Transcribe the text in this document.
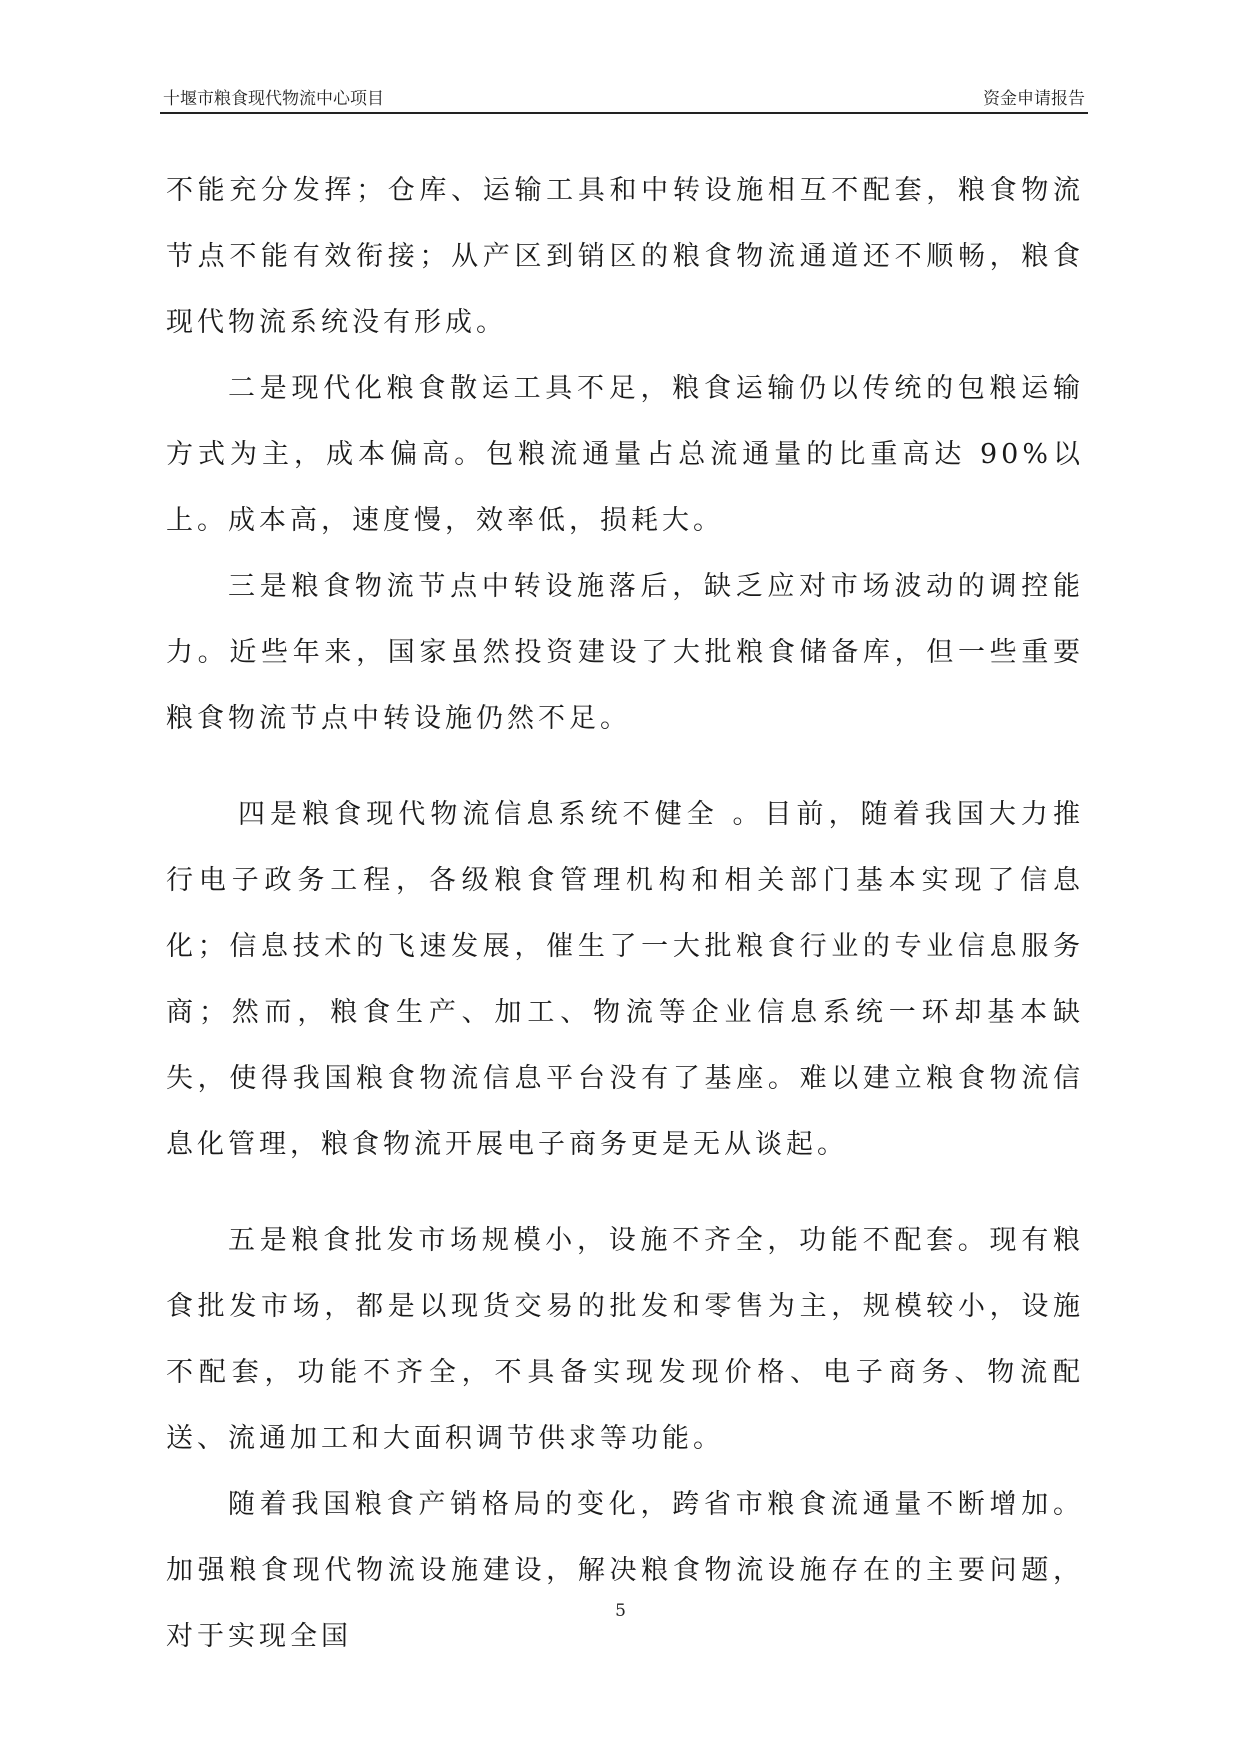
十堰市粮食现代物流中心项目	资金申请报告

不能充分发挥；仓库、运输工具和中转设施相互不配套，粮食物流节点不能有效衔接；从产区到销区的粮食物流通道还不顺畅，粮食现代物流系统没有形成。

二是现代化粮食散运工具不足，粮食运输仍以传统的包粮运输方式为主，成本偏高。包粮流通量占总流通量的比重高达 90%以上。成本高，速度慢，效率低，损耗大。

三是粮食物流节点中转设施落后，缺乏应对市场波动的调控能力。近些年来，国家虽然投资建设了大批粮食储备库，但一些重要粮食物流节点中转设施仍然不足。

四是粮食现代物流信息系统不健全 。目前，随着我国大力推行电子政务工程，各级粮食管理机构和相关部门基本实现了信息化；信息技术的飞速发展，催生了一大批粮食行业的专业信息服务商；然而，粮食生产、加工、物流等企业信息系统一环却基本缺失，使得我国粮食物流信息平台没有了基座。难以建立粮食物流信息化管理，粮食物流开展电子商务更是无从谈起。

五是粮食批发市场规模小，设施不齐全，功能不配套。现有粮食批发市场，都是以现货交易的批发和零售为主，规模较小，设施不配套，功能不齐全，不具备实现发现价格、电子商务、物流配送、流通加工和大面积调节供求等功能。

随着我国粮食产销格局的变化，跨省市粮食流通量不断增加。加强粮食现代物流设施建设，解决粮食物流设施存在的主要问题，对于实现全国

5
